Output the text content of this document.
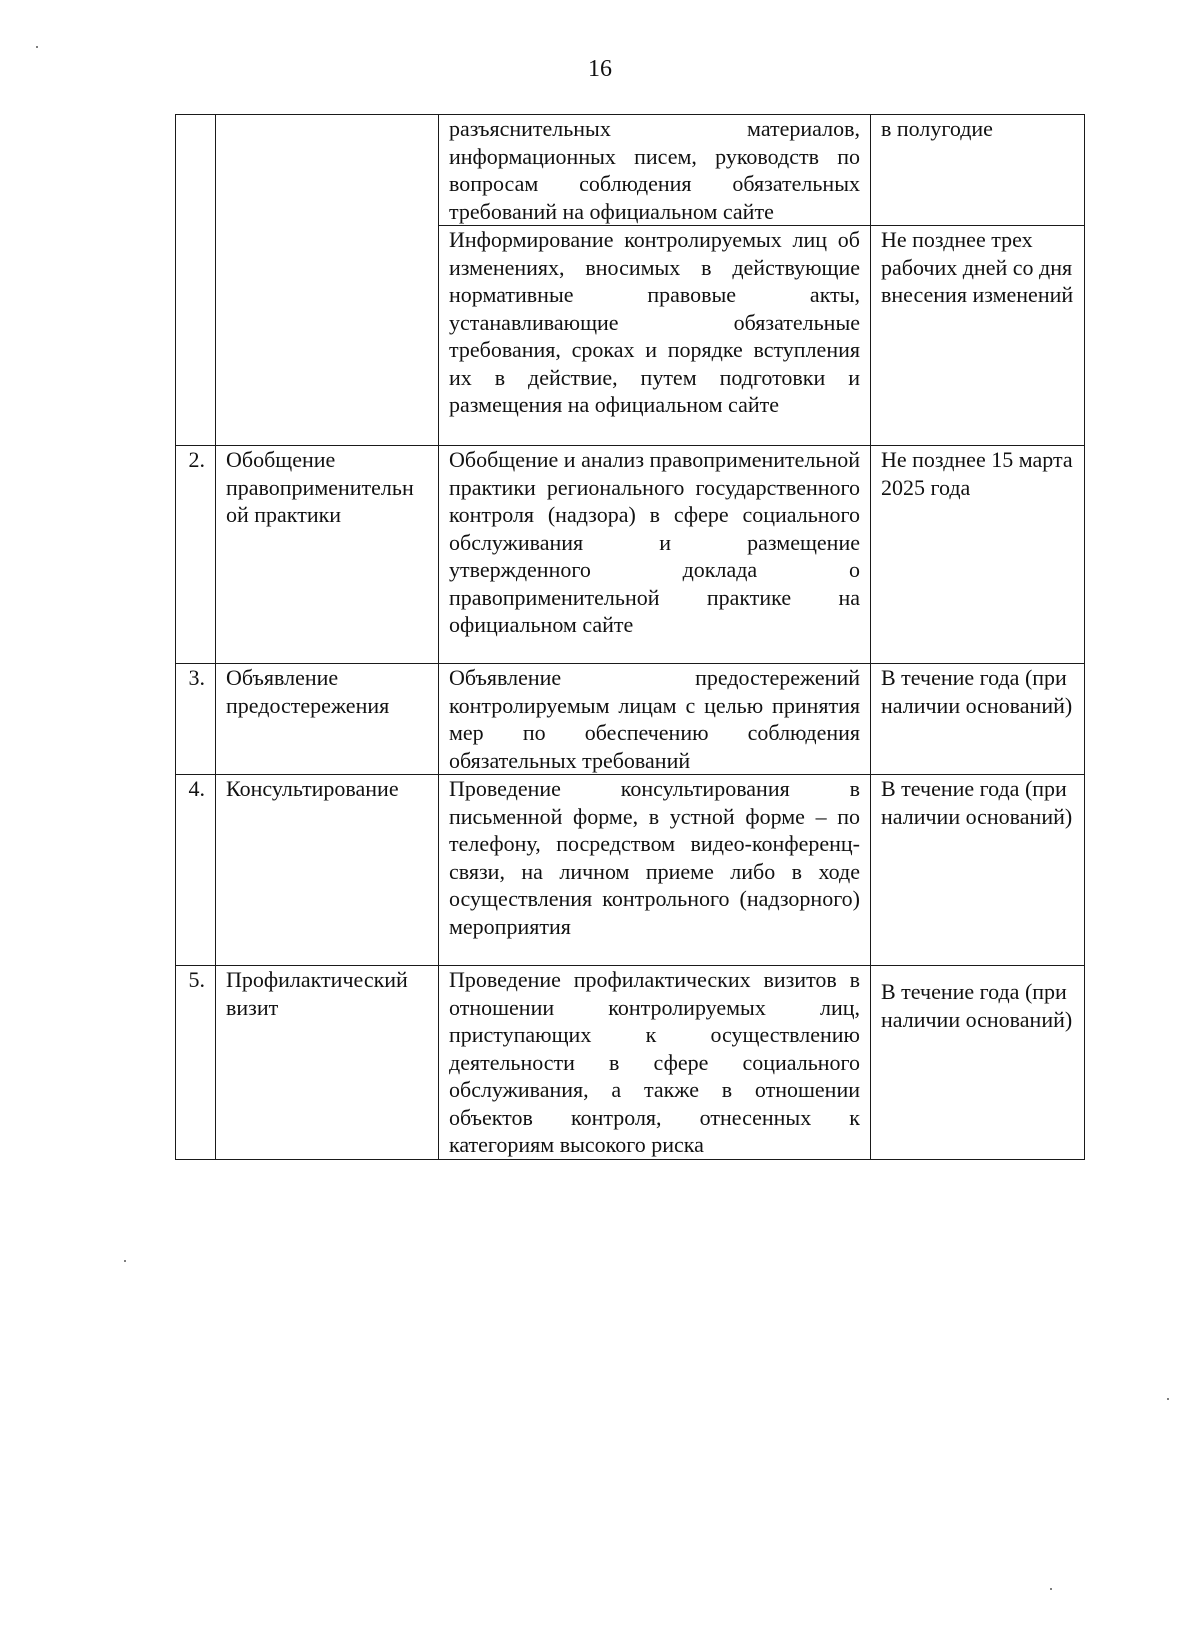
16
		разъяснительных материалов, информационных писем, руководств по вопросам соблюдения обязательных требований на официальном сайте	в полугодие
		Информирование контролируемых лиц об изменениях, вносимых в действующие нормативные правовые акты, устанавливающие обязательные требования, сроках и порядке вступления их в действие, путем подготовки и размещения на официальном сайте	Не позднее трех рабочих дней со дня внесения изменений
2.	Обобщение правоприменительн ой практики	Обобщение и анализ правоприменительной практики регионального государственного контроля (надзора) в сфере социального обслуживания и размещение утвержденного доклада о правоприменительной практике на официальном сайте	Не позднее 15 марта 2025 года
3.	Объявление предостережения	Объявление предостережений контролируемым лицам с целью принятия мер по обеспечению соблюдения обязательных требований	В течение года (при наличии оснований)
4.	Консультирование	Проведение консультирования в письменной форме, в устной форме – по телефону, посредством видео-конференц-связи, на личном приеме либо в ходе осуществления контрольного (надзорного) мероприятия	В течение года (при наличии оснований)
5.	Профилактический визит	Проведение профилактических визитов в отношении контролируемых лиц, приступающих к осуществлению деятельности в сфере социального обслуживания, а также в отношении объектов контроля, отнесенных к категориям высокого риска	В течение года (при наличии оснований)
